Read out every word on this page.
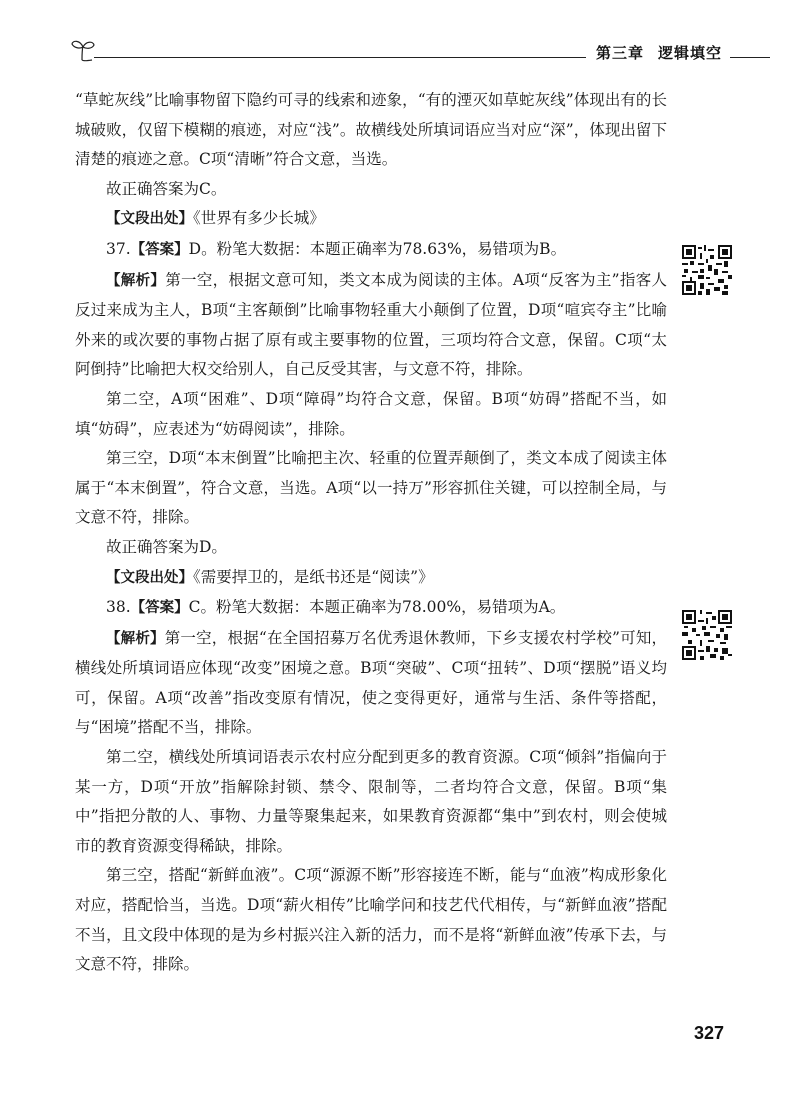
第三章 逻辑填空

“草蛇灰线”比喻事物留下隐约可寻的线索和迹象，“有的湮灭如草蛇灰线”体现出有的长城破败，仅留下模糊的痕迹，对应“浅”。故横线处所填词语应当对应“深”，体现出留下清楚的痕迹之意。C项“清晰”符合文意，当选。

故正确答案为C。

【文段出处】《世界有多少长城》

37.【答案】D。粉笔大数据：本题正确率为78.63%，易错项为B。

【解析】第一空，根据文意可知，类文本成为阅读的主体。A项“反客为主”指客人反过来成为主人，B项“主客颠倒”比喻事物轻重大小颠倒了位置，D项“喧宾夺主”比喻外来的或次要的事物占据了原有或主要事物的位置，三项均符合文意，保留。C项“太阿倒持”比喻把大权交给别人，自己反受其害，与文意不符，排除。

第二空，A项“困难”、D项“障碍”均符合文意，保留。B项“妨碍”搭配不当，如填“妨碍”，应表述为“妨碍阅读”，排除。

第三空，D项“本末倒置”比喻把主次、轻重的位置弄颠倒了，类文本成了阅读主体属于“本末倒置”，符合文意，当选。A项“以一持万”形容抓住关键，可以控制全局，与文意不符，排除。

故正确答案为D。

【文段出处】《需要捍卫的，是纸书还是“阅读”》

38.【答案】C。粉笔大数据：本题正确率为78.00%，易错项为A。

【解析】第一空，根据“在全国招募万名优秀退休教师，下乡支援农村学校”可知，横线处所填词语应体现“改变”困境之意。B项“突破”、C项“扭转”、D项“摆脱”语义均可，保留。A项“改善”指改变原有情况，使之变得更好，通常与生活、条件等搭配，与“困境”搭配不当，排除。

第二空，横线处所填词语表示农村应分配到更多的教育资源。C项“倾斜”指偏向于某一方，D项“开放”指解除封锁、禁令、限制等，二者均符合文意，保留。B项“集中”指把分散的人、事物、力量等聚集起来，如果教育资源都“集中”到农村，则会使城市的教育资源变得稀缺，排除。

第三空，搭配“新鲜血液”。C项“源源不断”形容接连不断，能与“血液”构成形象化对应，搭配恰当，当选。D项“薪火相传”比喻学问和技艺代代相传，与“新鲜血液”搭配不当，且文段中体现的是为乡村振兴注入新的活力，而不是将“新鲜血液”传承下去，与文意不符，排除。

327
